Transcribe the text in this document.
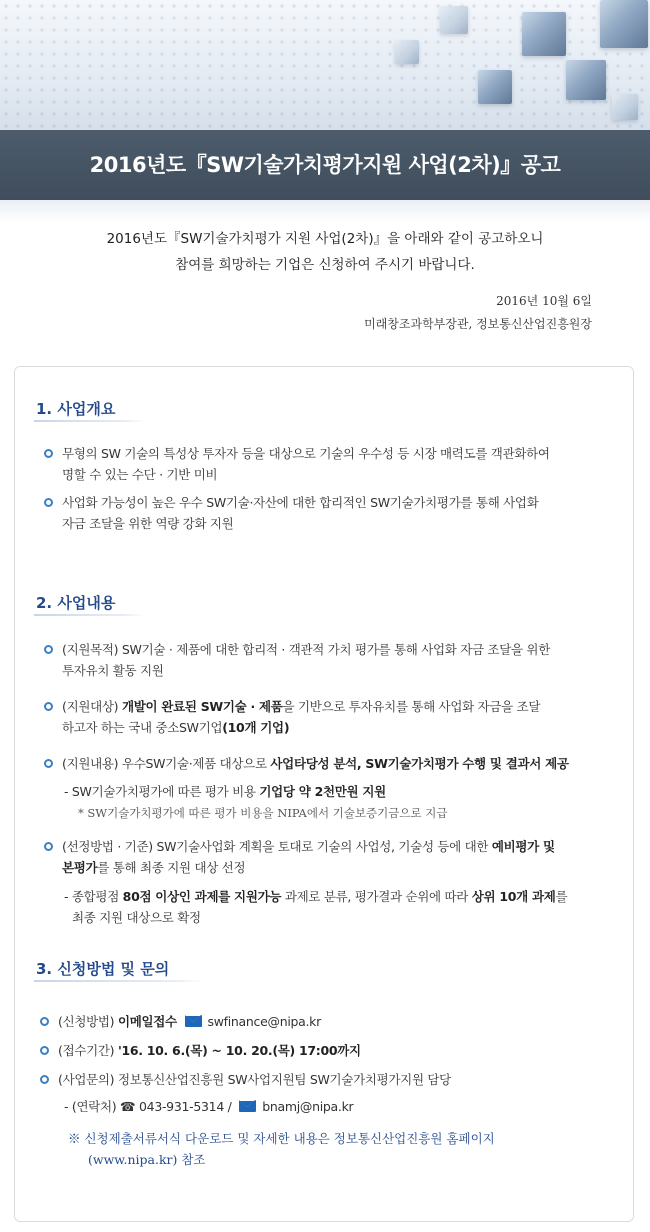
2016년도『SW기술가치평가지원 사업(2차)』공고
2016년도『SW기술가치평가 지원 사업(2차)』을 아래와 같이 공고하오니
참여를 희망하는 기업은 신청하여 주시기 바랍니다.
2016년 10월 6일
미래창조과학부장관, 정보통신산업진흥원장
1. 사업개요
무형의 SW 기술의 특성상 투자자 등을 대상으로 기술의 우수성 등 시장 매력도를 객관화하여
명할 수 있는 수단 · 기반 미비
사업화 가능성이 높은 우수 SW기술·자산에 대한 합리적인 SW기술가치평가를 통해 사업화
자금 조달을 위한 역량 강화 지원
2. 사업내용
(지원목적) SW기술 · 제품에 대한 합리적 · 객관적 가치 평가를 통해 사업화 자금 조달을 위한
투자유치 활동 지원
(지원대상) 개발이 완료된 SW기술 · 제품을 기반으로 투자유치를 통해 사업화 자금을 조달
하고자 하는 국내 중소SW기업(10개 기업)
(지원내용) 우수SW기술·제품 대상으로 사업타당성 분석, SW기술가치평가 수행 및 결과서 제공
- SW기술가치평가에 따른 평가 비용 기업당 약 2천만원 지원
* SW기술가치평가에 따른 평가 비용을 NIPA에서 기술보증기금으로 지급
(선정방법 · 기준) SW기술사업화 계획을 토대로 기술의 사업성, 기술성 등에 대한 예비평가 및
본평가를 통해 최종 지원 대상 선정
- 종합평점 80점 이상인 과제를 지원가능 과제로 분류, 평가결과 순위에 따라 상위 10개 과제를
최종 지원 대상으로 확정
3. 신청방법 및 문의
(신청방법) 이메일접수 swfinance@nipa.kr
(접수기간) '16. 10. 6.(목) ~ 10. 20.(목) 17:00까지
(사업문의) 정보통신산업진흥원 SW사업지원팀 SW기술가치평가지원 담당
- (연락처) ☎ 043-931-5314 / bnamj@nipa.kr
※ 신청제출서류서식 다운로드 및 자세한 내용은 정보통신산업진흥원 홈페이지
(www.nipa.kr) 참조
